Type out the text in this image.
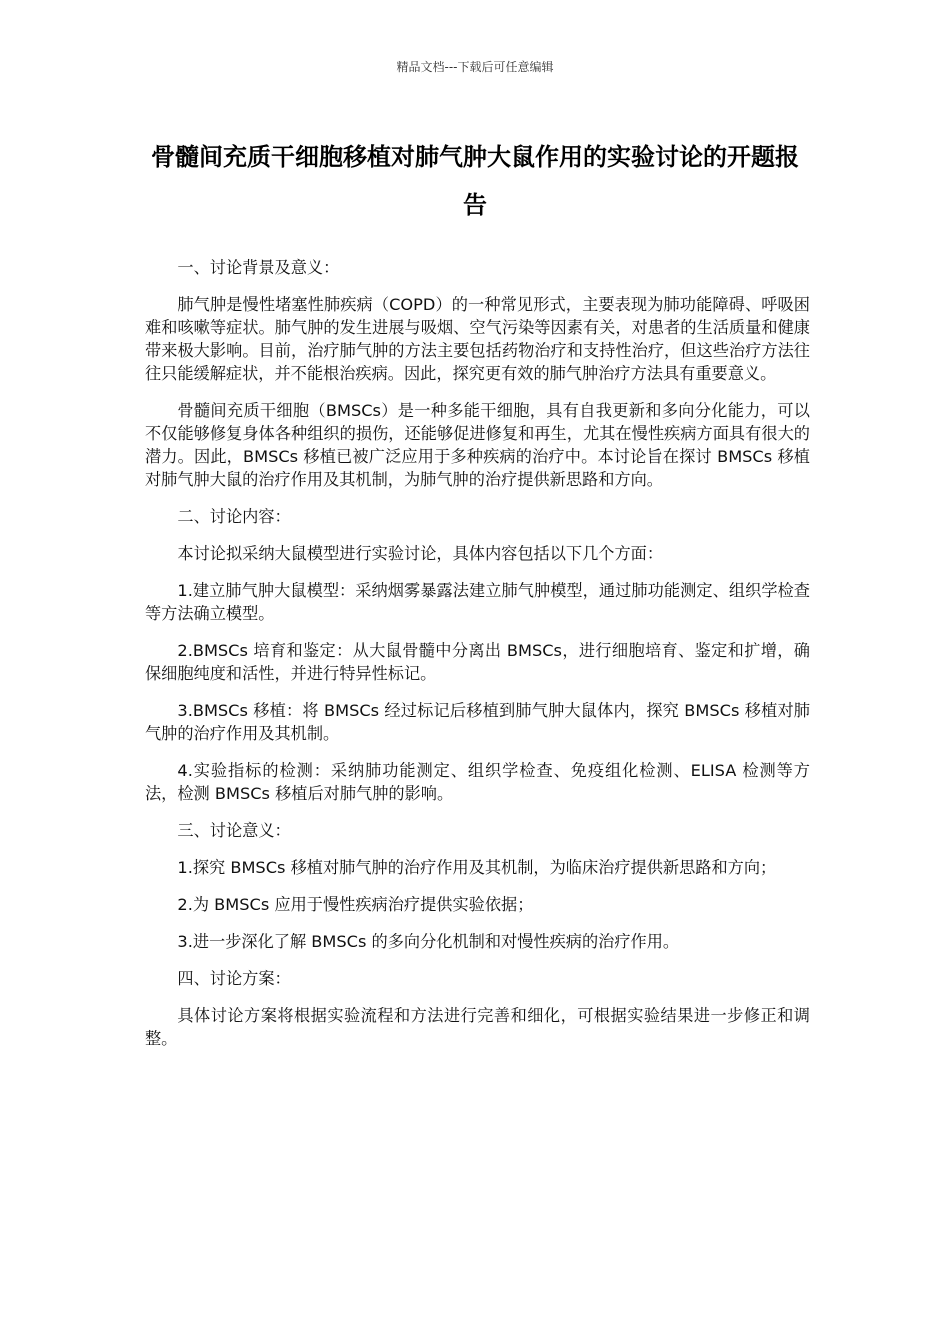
精品文档---下载后可任意编辑
骨髓间充质干细胞移植对肺气肿大鼠作用的实验讨论的开题报告

一、讨论背景及意义：

肺气肿是慢性堵塞性肺疾病（COPD）的一种常见形式，主要表现为肺功能障碍、呼吸困难和咳嗽等症状。肺气肿的发生进展与吸烟、空气污染等因素有关，对患者的生活质量和健康带来极大影响。目前，治疗肺气肿的方法主要包括药物治疗和支持性治疗，但这些治疗方法往往只能缓解症状，并不能根治疾病。因此，探究更有效的肺气肿治疗方法具有重要意义。

骨髓间充质干细胞（BMSCs）是一种多能干细胞，具有自我更新和多向分化能力，可以不仅能够修复身体各种组织的损伤，还能够促进修复和再生，尤其在慢性疾病方面具有很大的潜力。因此，BMSCs 移植已被广泛应用于多种疾病的治疗中。本讨论旨在探讨 BMSCs 移植对肺气肿大鼠的治疗作用及其机制，为肺气肿的治疗提供新思路和方向。

二、讨论内容：

本讨论拟采纳大鼠模型进行实验讨论，具体内容包括以下几个方面：

1.建立肺气肿大鼠模型：采纳烟雾暴露法建立肺气肿模型，通过肺功能测定、组织学检查等方法确立模型。

2.BMSCs 培育和鉴定：从大鼠骨髓中分离出 BMSCs，进行细胞培育、鉴定和扩增，确保细胞纯度和活性，并进行特异性标记。

3.BMSCs 移植：将 BMSCs 经过标记后移植到肺气肿大鼠体内，探究 BMSCs 移植对肺气肿的治疗作用及其机制。

4.实验指标的检测：采纳肺功能测定、组织学检查、免疫组化检测、ELISA 检测等方法，检测 BMSCs 移植后对肺气肿的影响。

三、讨论意义：

1.探究 BMSCs 移植对肺气肿的治疗作用及其机制，为临床治疗提供新思路和方向；

2.为 BMSCs 应用于慢性疾病治疗提供实验依据；

3.进一步深化了解 BMSCs 的多向分化机制和对慢性疾病的治疗作用。

四、讨论方案：

具体讨论方案将根据实验流程和方法进行完善和细化，可根据实验结果进一步修正和调整。
